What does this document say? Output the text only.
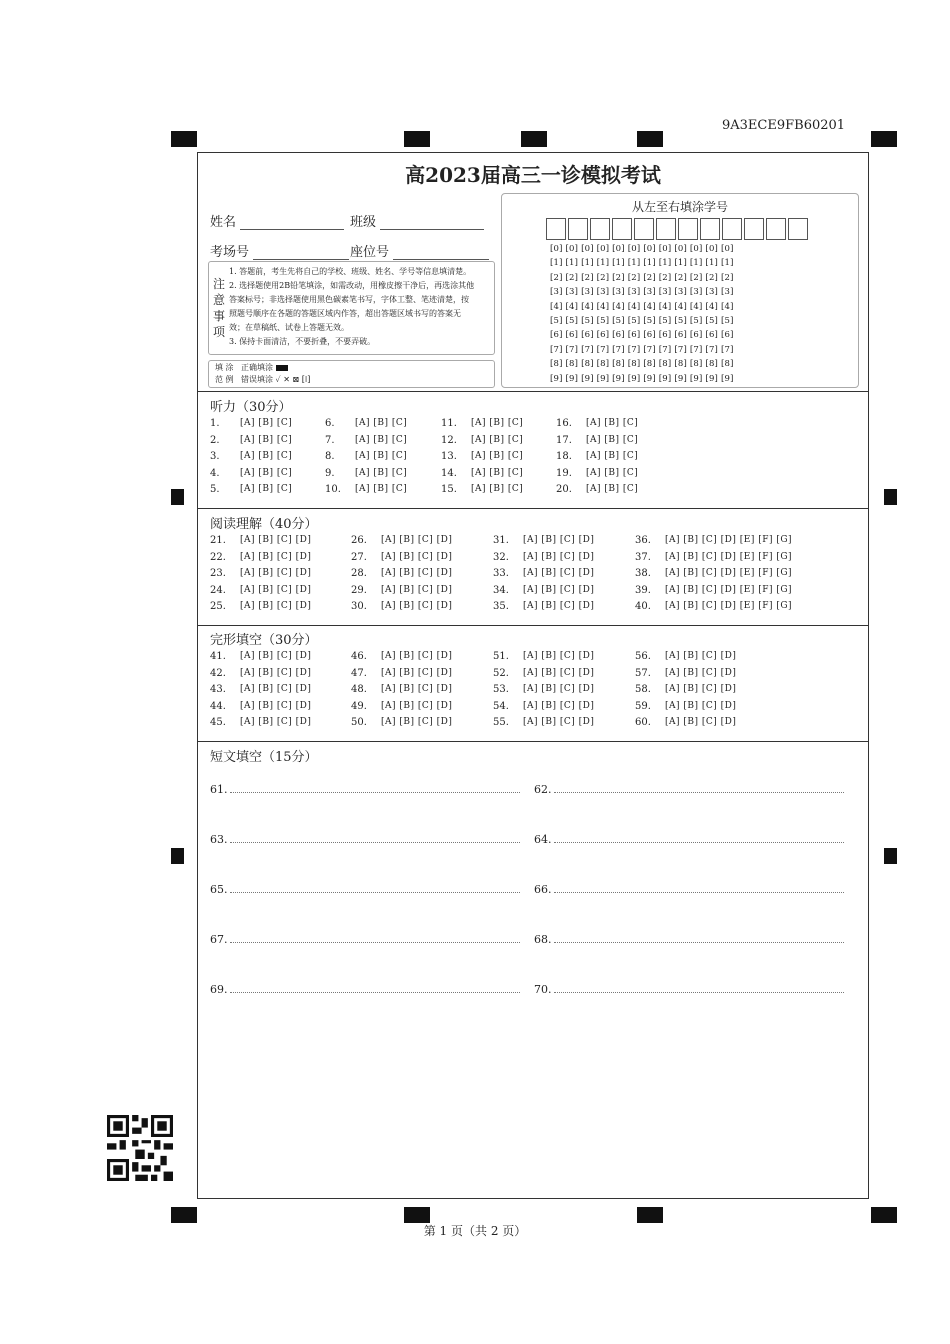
9A3ECE9FB60201
高2023届高三一诊模拟考试
姓名	班级
考场号	座位号
注
意
事
项
1. 答题前，考生先将自己的学校、班级、姓名、学号等信息填清楚。
2. 选择题使用2B铅笔填涂，如需改动，用橡皮擦干净后，再选涂其他
答案标号；非选择题使用黑色碳素笔书写，字体工整、笔迹清楚，按
照题号顺序在各题的答题区域内作答，超出答题区域书写的答案无
效；在草稿纸、试卷上答题无效。
3. 保持卡面清洁，不要折叠，不要弄破。
填 涂
范 例
正确填涂
错误填涂 ✓ ✕ ⊠ [ǀ]
从左至右填涂学号
[0] [0] [0] [0] [0] [0] [0] [0] [0] [0] [0] [0]
[1] [1] [1] [1] [1] [1] [1] [1] [1] [1] [1] [1]
[2] [2] [2] [2] [2] [2] [2] [2] [2] [2] [2] [2]
[3] [3] [3] [3] [3] [3] [3] [3] [3] [3] [3] [3]
[4] [4] [4] [4] [4] [4] [4] [4] [4] [4] [4] [4]
[5] [5] [5] [5] [5] [5] [5] [5] [5] [5] [5] [5]
[6] [6] [6] [6] [6] [6] [6] [6] [6] [6] [6] [6]
[7] [7] [7] [7] [7] [7] [7] [7] [7] [7] [7] [7]
[8] [8] [8] [8] [8] [8] [8] [8] [8] [8] [8] [8]
[9] [9] [9] [9] [9] [9] [9] [9] [9] [9] [9] [9]
听力（30分）
1. [A] [B] [C]	6. [A] [B] [C]	11. [A] [B] [C]	16. [A] [B] [C]
2. [A] [B] [C]	7. [A] [B] [C]	12. [A] [B] [C]	17. [A] [B] [C]
3. [A] [B] [C]	8. [A] [B] [C]	13. [A] [B] [C]	18. [A] [B] [C]
4. [A] [B] [C]	9. [A] [B] [C]	14. [A] [B] [C]	19. [A] [B] [C]
5. [A] [B] [C]	10. [A] [B] [C]	15. [A] [B] [C]	20. [A] [B] [C]
阅读理解（40分）
21. [A] [B] [C] [D]	26. [A] [B] [C] [D]	31. [A] [B] [C] [D]	36. [A] [B] [C] [D] [E] [F] [G]
22. [A] [B] [C] [D]	27. [A] [B] [C] [D]	32. [A] [B] [C] [D]	37. [A] [B] [C] [D] [E] [F] [G]
23. [A] [B] [C] [D]	28. [A] [B] [C] [D]	33. [A] [B] [C] [D]	38. [A] [B] [C] [D] [E] [F] [G]
24. [A] [B] [C] [D]	29. [A] [B] [C] [D]	34. [A] [B] [C] [D]	39. [A] [B] [C] [D] [E] [F] [G]
25. [A] [B] [C] [D]	30. [A] [B] [C] [D]	35. [A] [B] [C] [D]	40. [A] [B] [C] [D] [E] [F] [G]
完形填空（30分）
41. [A] [B] [C] [D]	46. [A] [B] [C] [D]	51. [A] [B] [C] [D]	56. [A] [B] [C] [D]
42. [A] [B] [C] [D]	47. [A] [B] [C] [D]	52. [A] [B] [C] [D]	57. [A] [B] [C] [D]
43. [A] [B] [C] [D]	48. [A] [B] [C] [D]	53. [A] [B] [C] [D]	58. [A] [B] [C] [D]
44. [A] [B] [C] [D]	49. [A] [B] [C] [D]	54. [A] [B] [C] [D]	59. [A] [B] [C] [D]
45. [A] [B] [C] [D]	50. [A] [B] [C] [D]	55. [A] [B] [C] [D]	60. [A] [B] [C] [D]
短文填空（15分）
61.	62.
63.	64.
65.	66.
67.	68.
69.	70.
第 1 页（共 2 页）
